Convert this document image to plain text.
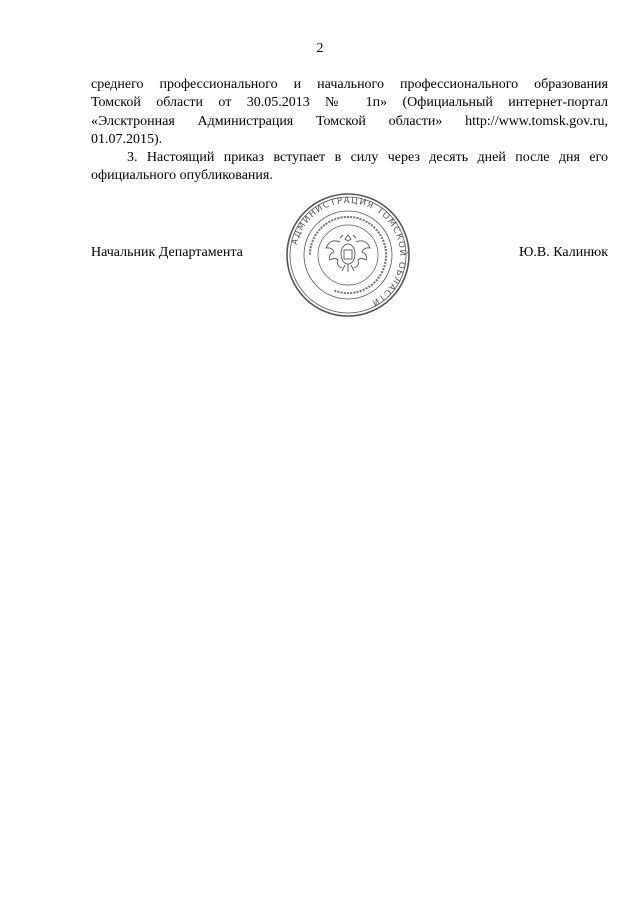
2

среднего профессионального и начального профессионального образования
Томской области от 30.05.2013 № 1п» (Официальный интернет-портал
«Элсктронная Администрация Томской области» http://www.tomsk.gov.ru,
01.07.2015).

3. Настоящий приказ вступает в силу через десять дней после дня его
официального опубликования.

Начальник Департамента
АДМИНИСТРАЦИЯ ТОМСКОЙ ОБЛАСТИ
▪▪▪▪▪▪▪▪▪▪▪▪▪▪▪▪▪▪▪▪▪▪▪▪▪▪▪▪▪▪▪▪▪▪▪▪▪▪▪▪▪▪▪▪▪▪▪▪▪▪▪▪▪▪▪▪▪▪▪▪
Ю.В. Калинюк
